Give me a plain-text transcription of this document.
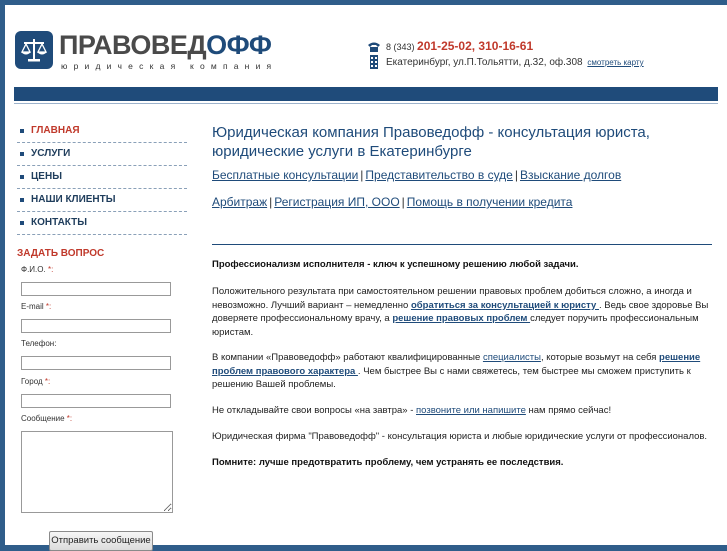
ПРАВОВЕДОФФ
юридическая компания
8 (343) 201-25-02, 310-16-61
Екатеринбург, ул.П.Тольятти, д.32, оф.308 смотреть карту
ГЛАВНАЯ
УСЛУГИ
ЦЕНЫ
НАШИ КЛИЕНТЫ
КОНТАКТЫ
ЗАДАТЬ ВОПРОС
Ф.И.О. *:
E-mail *:
Телефон:
Город *:
Сообщение *:
Отправить сообщение
Юридическая компания Правоведофф - консультация юриста, юридические услуги в Екатеринбурге
Бесплатные консультации | Представительство в суде | Взыскание долгов
Арбитраж | Регистрация ИП, ООО | Помощь в получении кредита
Профессионализм исполнителя - ключ к успешному решению любой задачи.
Положительного результата при самостоятельном решении правовых проблем добиться сложно, а иногда и невозможно. Лучший вариант – немедленно обратиться за консультацией к юристу . Ведь свое здоровье Вы доверяете профессиональному врачу, а решение правовых проблем следует поручить профессиональным юристам.
В компании «Правоведофф» работают квалифицированные специалисты, которые возьмут на себя решение проблем правового характера . Чем быстрее Вы с нами свяжетесь, тем быстрее мы сможем приступить к решению Вашей проблемы.
Не откладывайте свои вопросы «на завтра» - позвоните или напишите нам прямо сейчас!
Юридическая фирма "Правоведофф" - консультация юриста и любые юридические услуги от профессионалов.
Помните: лучше предотвратить проблему, чем устранять ее последствия.
